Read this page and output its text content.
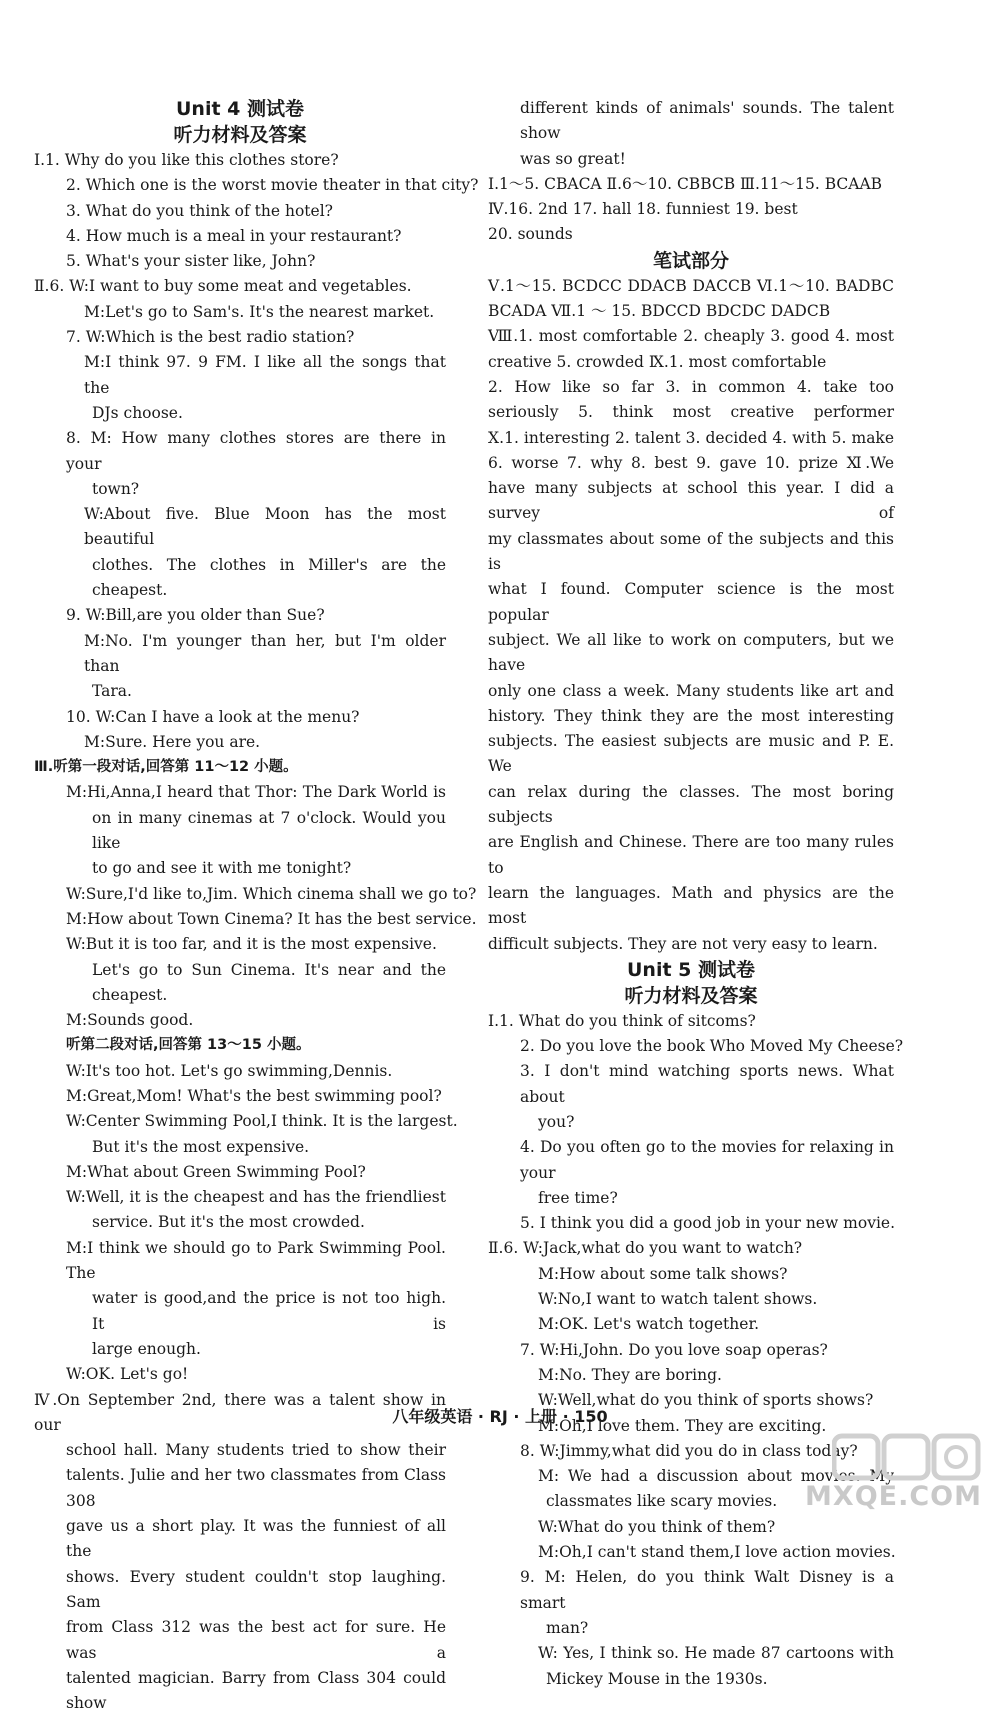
Unit 4 测试卷
听力材料及答案
Ⅰ.1. Why do you like this clothes store?
2. Which one is the worst movie theater in that city?
3. What do you think of the hotel?
4. How much is a meal in your restaurant?
5. What's your sister like, John?
Ⅱ.6. W:I want to buy some meat and vegetables.
M:Let's go to Sam's. It's the nearest market.
7. W:Which is the best radio station?
M:I think 97. 9 FM. I like all the songs that the
DJs choose.
8. M: How many clothes stores are there in your
town?
W:About five. Blue Moon has the most beautiful
clothes. The clothes in Miller's are the
cheapest.
9. W:Bill,are you older than Sue?
M:No. I'm younger than her, but I'm older than
Tara.
10. W:Can I have a look at the menu?
M:Sure. Here you are.
Ⅲ.听第一段对话,回答第 11～12 小题。
M:Hi,Anna,I heard that Thor: The Dark World is
on in many cinemas at 7 o'clock. Would you like
to go and see it with me tonight?
W:Sure,I'd like to,Jim. Which cinema shall we go to?
M:How about Town Cinema? It has the best service.
W:But it is too far, and it is the most expensive.
Let's go to Sun Cinema. It's near and the
cheapest.
M:Sounds good.
听第二段对话,回答第 13～15 小题。
W:It's too hot. Let's go swimming,Dennis.
M:Great,Mom! What's the best swimming pool?
W:Center Swimming Pool,I think. It is the largest.
But it's the most expensive.
M:What about Green Swimming Pool?
W:Well, it is the cheapest and has the friendliest
service. But it's the most crowded.
M:I think we should go to Park Swimming Pool. The
water is good,and the price is not too high. It is
large enough.
W:OK. Let's go!
Ⅳ.On September 2nd, there was a talent show in our
school hall. Many students tried to show their
talents. Julie and her two classmates from Class 308
gave us a short play. It was the funniest of all the
shows. Every student couldn't stop laughing. Sam
from Class 312 was the best act for sure. He was a
talented magician. Barry from Class 304 could show
different kinds of animals' sounds. The talent show
was so great!
Ⅰ.1～5. CBACA Ⅱ.6～10. CBBCB Ⅲ.11～15. BCAAB
Ⅳ.16. 2nd 17. hall 18. funniest 19. best
20. sounds
笔试部分
Ⅴ.1～15. BCDCC DDACB DACCB Ⅵ.1～10. BADBC
BCADA Ⅶ.1 ～ 15. BDCCD BDCDC DADCB
Ⅷ.1. most comfortable 2. cheaply 3. good 4. most
creative 5. crowded Ⅸ.1. most comfortable
2. How like so far 3. in common 4. take too
seriously 5. think most creative performer
Ⅹ.1. interesting 2. talent 3. decided 4. with 5. make
6. worse 7. why 8. best 9. gave 10. prize Ⅺ.We
have many subjects at school this year. I did a survey of
my classmates about some of the subjects and this is
what I found. Computer science is the most popular
subject. We all like to work on computers, but we have
only one class a week. Many students like art and
history. They think they are the most interesting
subjects. The easiest subjects are music and P. E. We
can relax during the classes. The most boring subjects
are English and Chinese. There are too many rules to
learn the languages. Math and physics are the most
difficult subjects. They are not very easy to learn.
Unit 5 测试卷
听力材料及答案
Ⅰ.1. What do you think of sitcoms?
2. Do you love the book Who Moved My Cheese?
3. I don't mind watching sports news. What about
you?
4. Do you often go to the movies for relaxing in your
free time?
5. I think you did a good job in your new movie.
Ⅱ.6. W:Jack,what do you want to watch?
M:How about some talk shows?
W:No,I want to watch talent shows.
M:OK. Let's watch together.
7. W:Hi,John. Do you love soap operas?
M:No. They are boring.
W:Well,what do you think of sports shows?
M:Oh,I love them. They are exciting.
8. W:Jimmy,what did you do in class today?
M: We had a discussion about movies. My
classmates like scary movies.
W:What do you think of them?
M:Oh,I can't stand them,I love action movies.
9. M: Helen, do you think Walt Disney is a smart
man?
W: Yes, I think so. He made 87 cartoons with
Mickey Mouse in the 1930s.
八年级英语 · RJ · 上册 · 150
MXQE.COM
